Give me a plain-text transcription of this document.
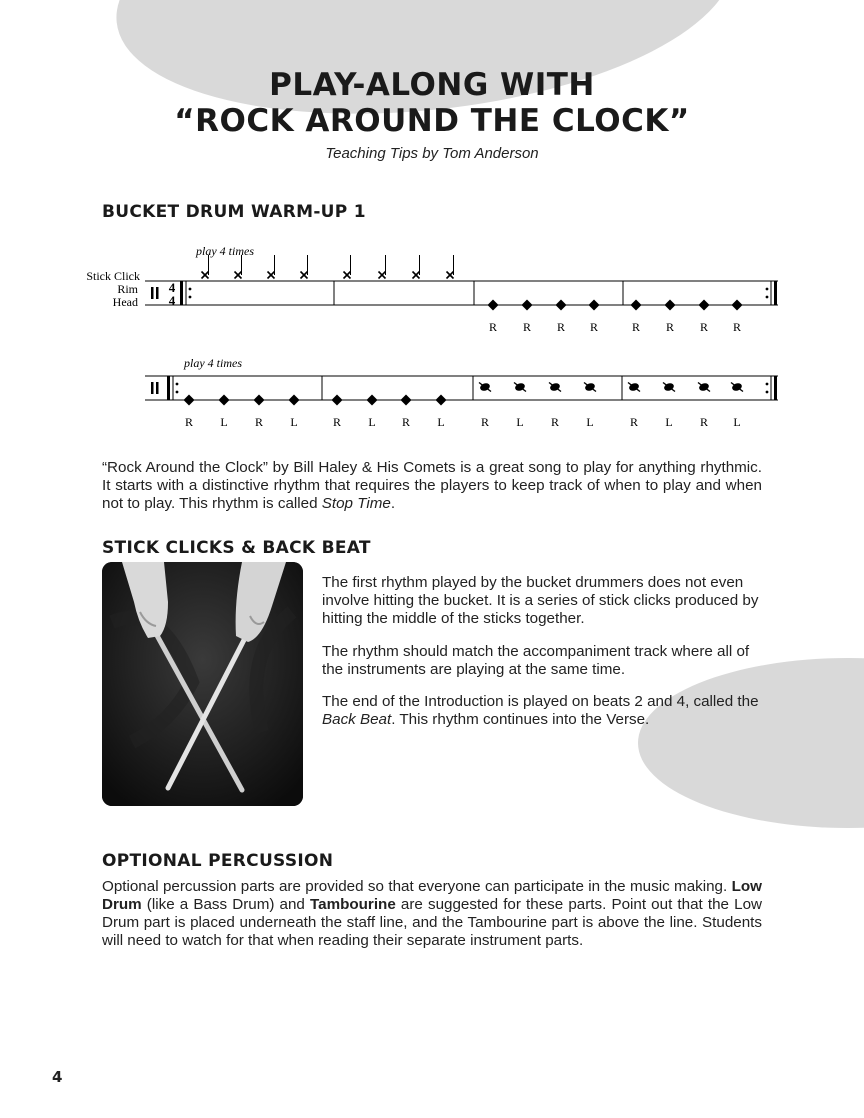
PLAY-ALONG WITH
“ROCK AROUND THE CLOCK”
Teaching Tips by Tom Anderson
BUCKET DRUM WARM-UP 1
Stick Click
Rim
Head
4
4
play 4 times
R R R R	R R R R
play 4 times
R L R L	R L R L	R L R L	R L R L

“Rock Around the Clock” by Bill Haley & His Comets is a great song to play for anything rhythmic. It starts with a distinctive rhythm that requires the players to keep track of when to play and when not to play. This rhythm is called Stop Time.

STICK CLICKS & BACK BEAT

The first rhythm played by the bucket drummers does not even involve hitting the bucket. It is a series of stick clicks produced by hitting the middle of the sticks together.

The rhythm should match the accompaniment track where all of the instruments are playing at the same time.

The end of the Introduction is played on beats 2 and 4, called the Back Beat. This rhythm continues into the Verse.

OPTIONAL PERCUSSION

Optional percussion parts are provided so that everyone can participate in the music making. Low Drum (like a Bass Drum) and Tambourine are suggested for these parts. Point out that the Low Drum part is placed underneath the staff line, and the Tambourine part is above the line. Students will need to watch for that when reading their separate instrument parts.

4
